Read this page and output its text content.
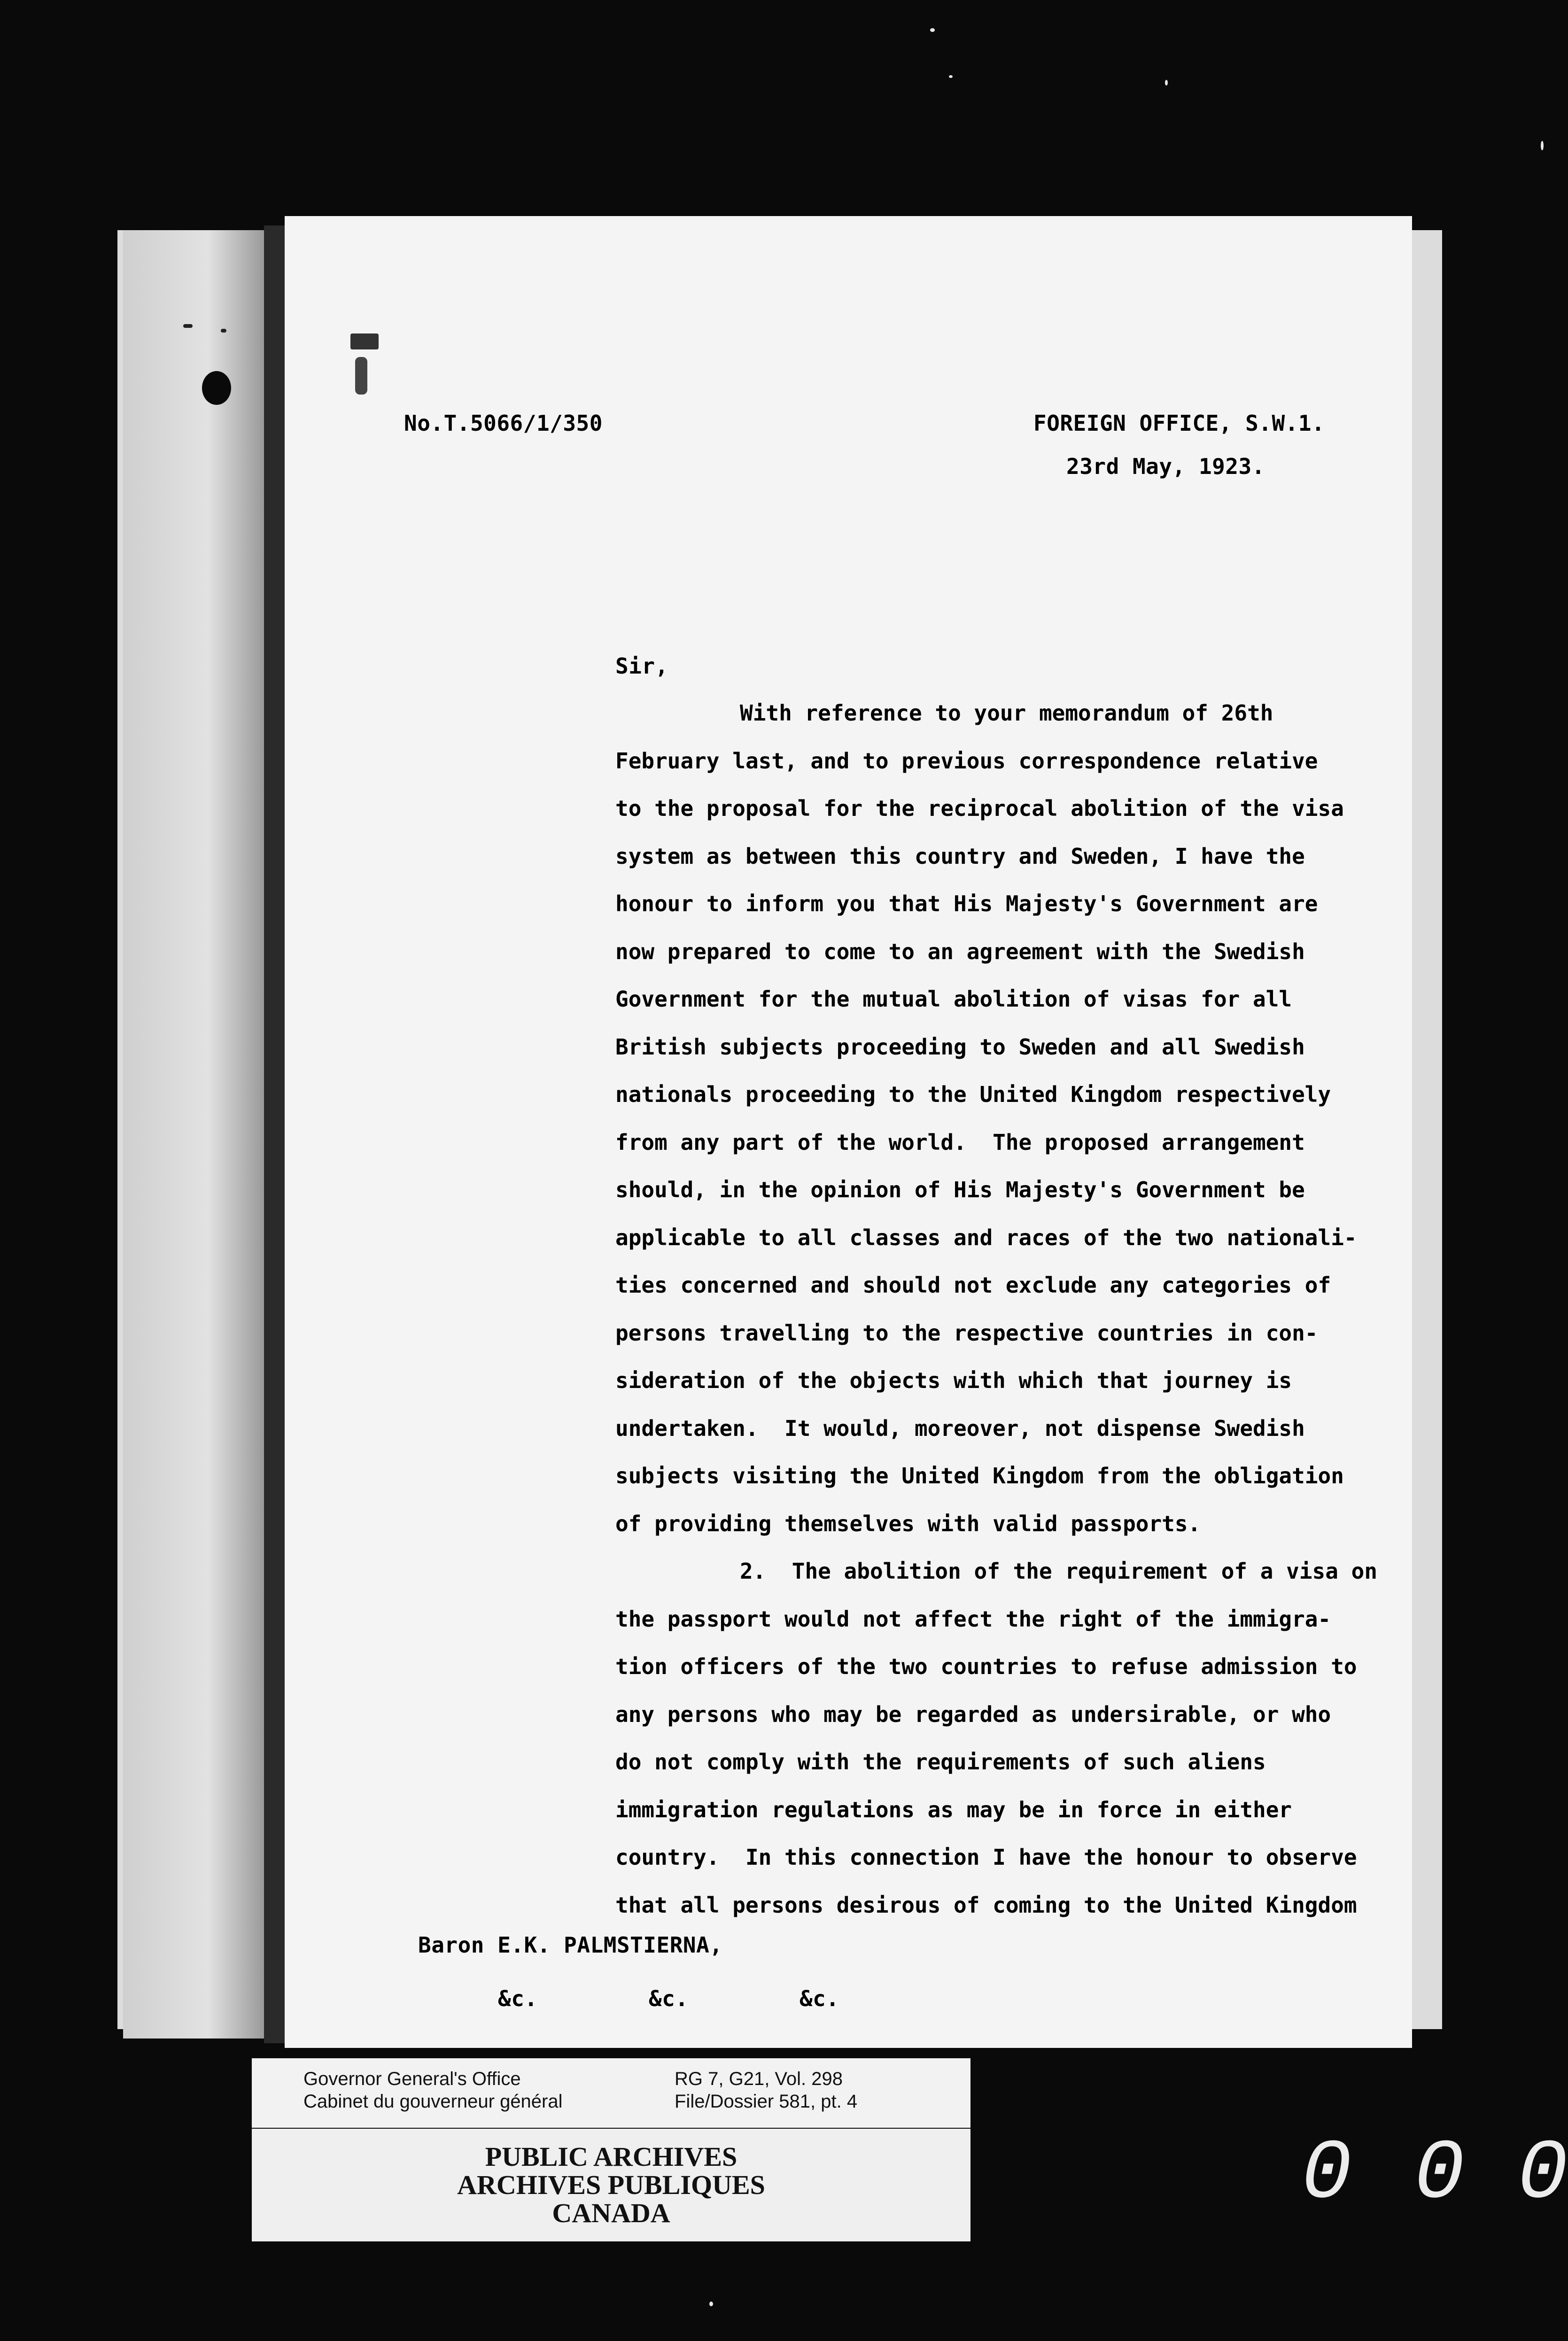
No.T.5066/1/350	FOREIGN OFFICE, S.W.1.
23rd May, 1923.
Sir,
With reference to your memorandum of 26th
February last, and to previous correspondence relative
to the proposal for the reciprocal abolition of the visa
system as between this country and Sweden, I have the
honour to inform you that His Majesty's Government are
now prepared to come to an agreement with the Swedish
Government for the mutual abolition of visas for all
British subjects proceeding to Sweden and all Swedish
nationals proceeding to the United Kingdom respectively
from any part of the world.  The proposed arrangement
should, in the opinion of His Majesty's Government be
applicable to all classes and races of the two nationali-
ties concerned and should not exclude any categories of
persons travelling to the respective countries in con-
sideration of the objects with which that journey is
undertaken.  It would, moreover, not dispense Swedish
subjects visiting the United Kingdom from the obligation
of providing themselves with valid passports.
2.  The abolition of the requirement of a visa on
the passport would not affect the right of the immigra-
tion officers of the two countries to refuse admission to
any persons who may be regarded as undersirable, or who
do not comply with the requirements of such aliens
immigration regulations as may be in force in either
country.  In this connection I have the honour to observe
that all persons desirous of coming to the United Kingdom
Baron E.K. PALMSTIERNA,
&c.  &c.  &c.
Governor General's Office
Cabinet du gouverneur général
RG 7, G21, Vol. 298
File/Dossier 581, pt. 4
PUBLIC ARCHIVES
ARCHIVES PUBLIQUES
CANADA	0 0 0
